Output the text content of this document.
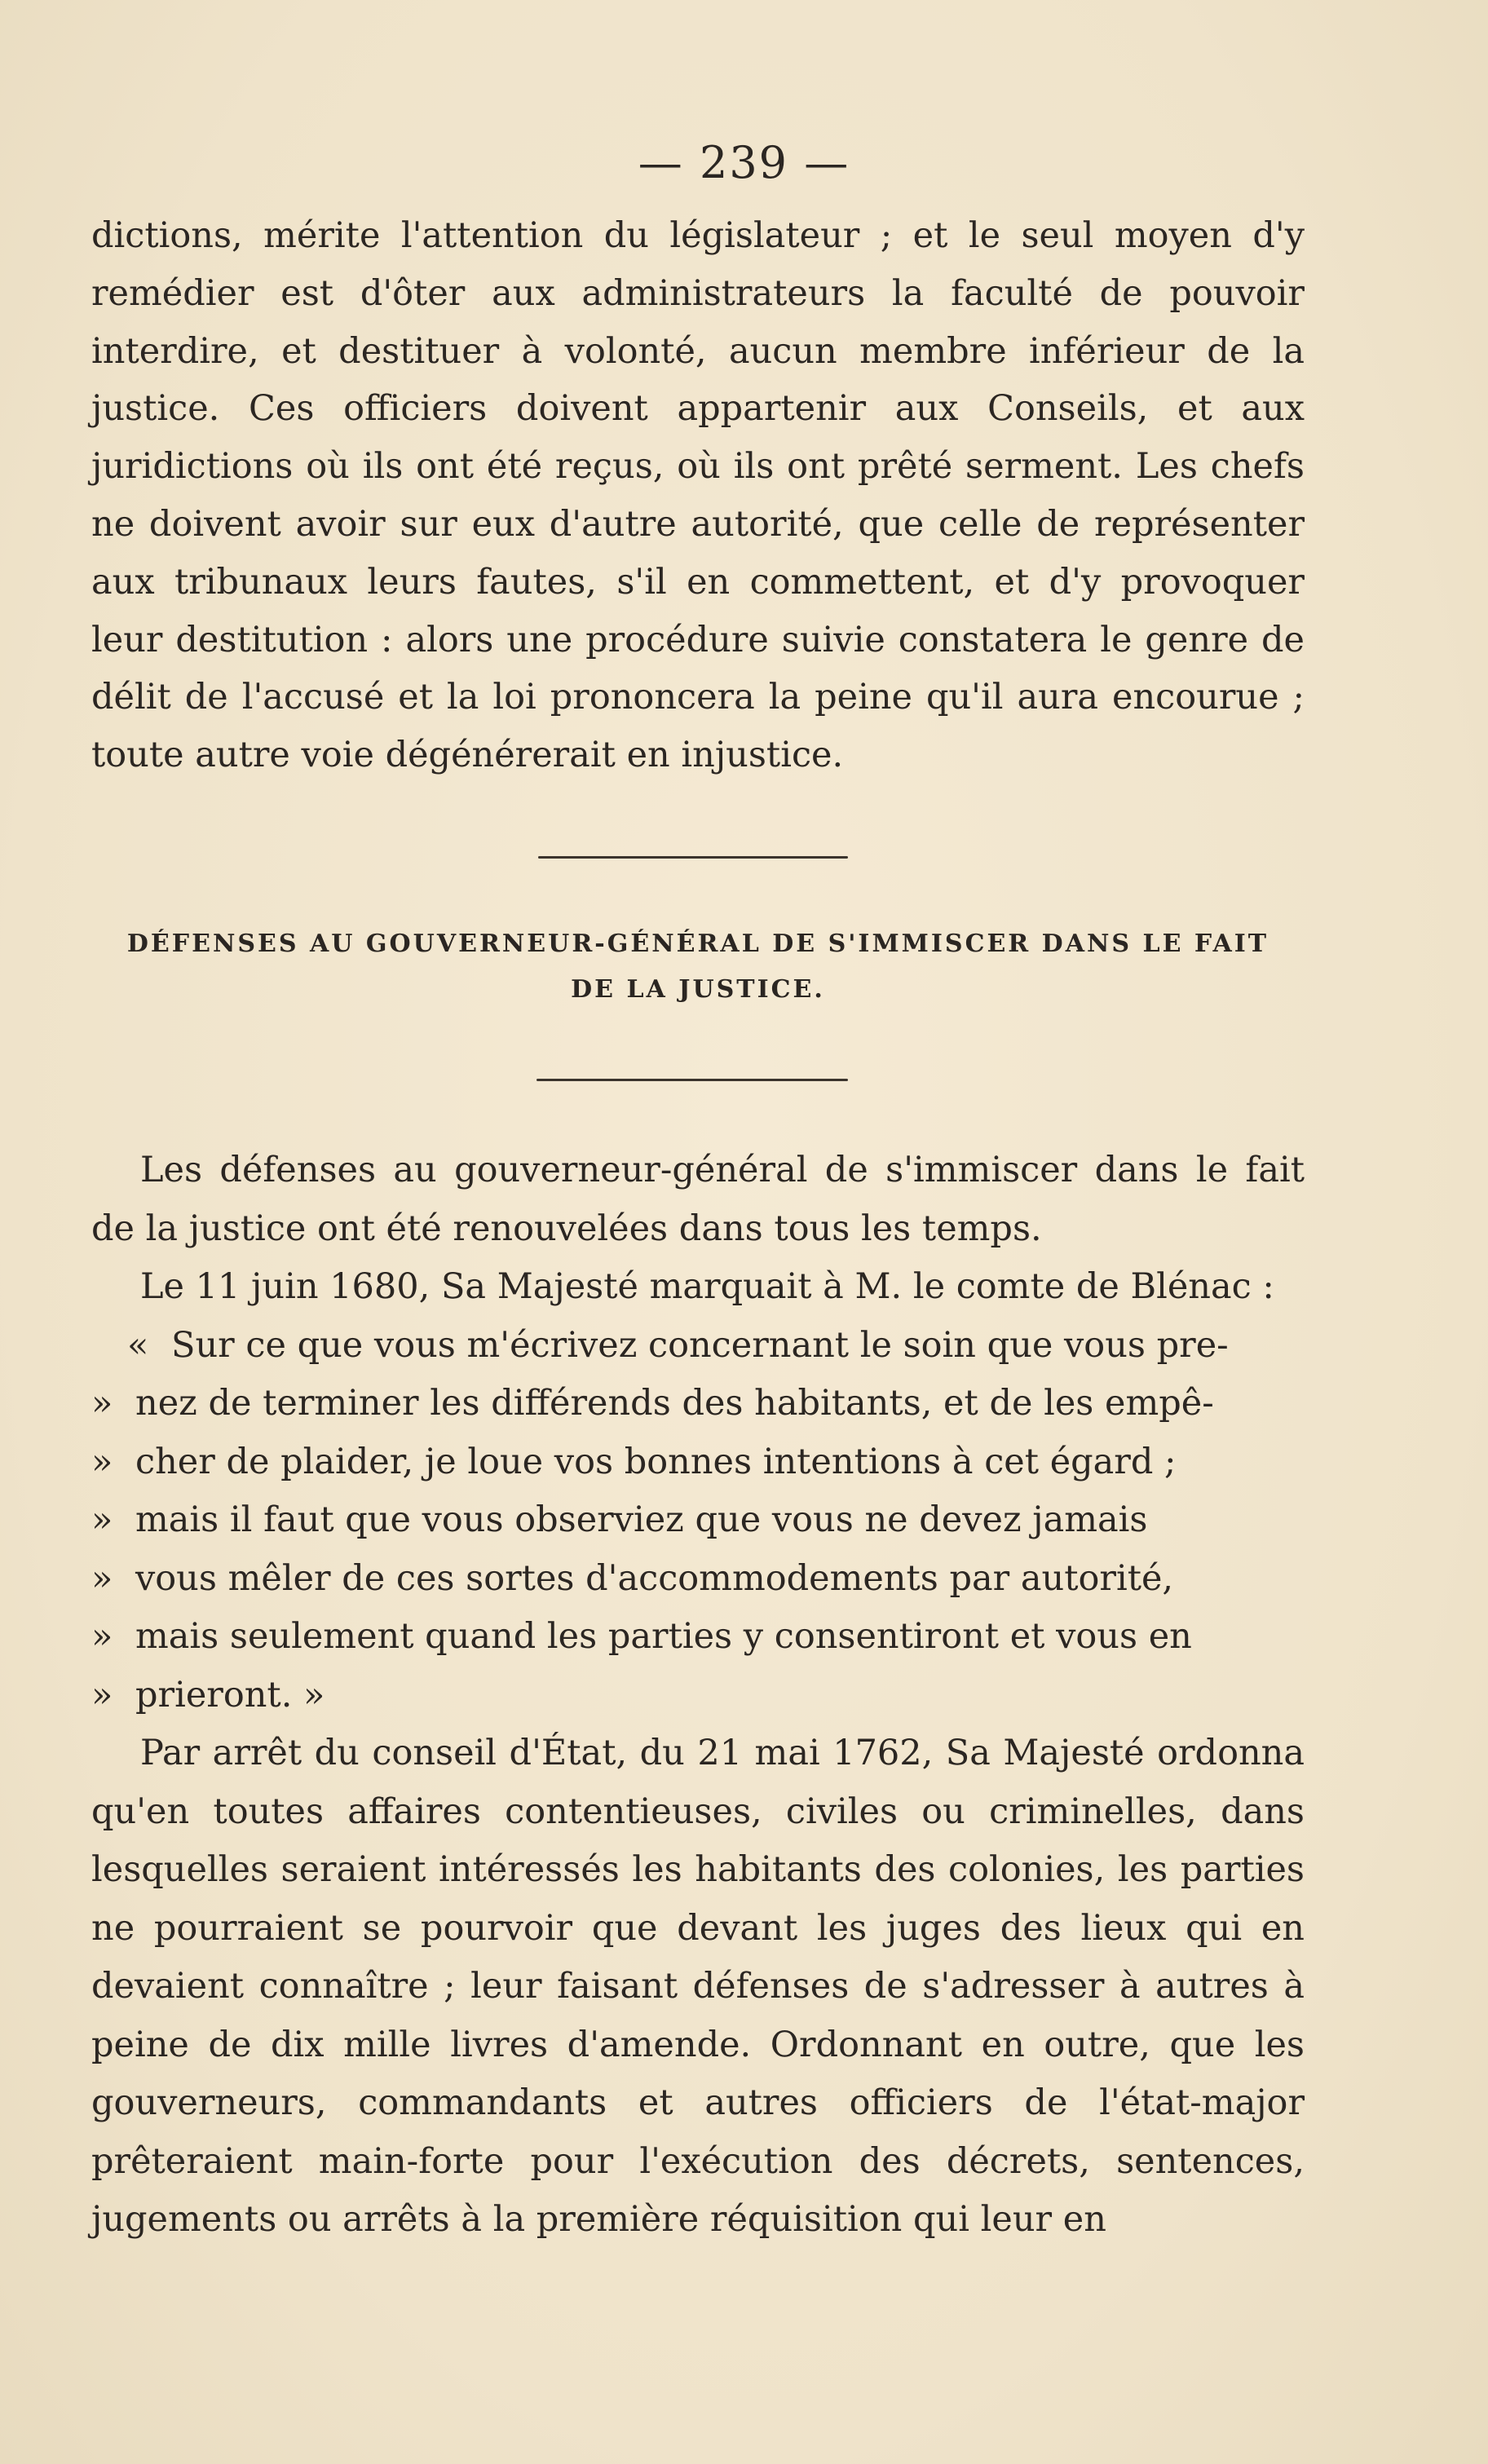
— 239 —

dictions, mérite l'attention du législateur ; et le seul moyen d'y remédier est d'ôter aux administrateurs la faculté de pouvoir interdire, et destituer à volonté, aucun membre inférieur de la justice. Ces officiers doivent appartenir aux Conseils, et aux juridictions où ils ont été reçus, où ils ont prêté serment. Les chefs ne doivent avoir sur eux d'autre autorité, que celle de représenter aux tribunaux leurs fautes, s'il en commettent, et d'y provoquer leur destitution : alors une procédure suivie constatera le genre de délit de l'accusé et la loi prononcera la peine qu'il aura encourue ; toute autre voie dégénérerait en injustice.

DÉFENSES AU GOUVERNEUR-GÉNÉRAL DE S'IMMISCER DANS LE FAIT
DE LA JUSTICE.

Les défenses au gouverneur-général de s'immiscer dans le fait de la justice ont été renouvelées dans tous les temps.

Le 11 juin 1680, Sa Majesté marquait à M. le comte de Blénac :

« Sur ce que vous m'écrivez concernant le soin que vous pre-
» nez de terminer les différends des habitants, et de les empê-
» cher de plaider, je loue vos bonnes intentions à cet égard ;
» mais il faut que vous observiez que vous ne devez jamais
» vous mêler de ces sortes d'accommodements par autorité,
» mais seulement quand les parties y consentiront et vous en
» prieront. »

Par arrêt du conseil d'État, du 21 mai 1762, Sa Majesté ordonna qu'en toutes affaires contentieuses, civiles ou criminelles, dans lesquelles seraient intéressés les habitants des colonies, les parties ne pourraient se pourvoir que devant les juges des lieux qui en devaient connaître ; leur faisant défenses de s'adresser à autres à peine de dix mille livres d'amende. Ordonnant en outre, que les gouverneurs, commandants et autres officiers de l'état-major prêteraient main-forte pour l'exécution des décrets, sentences, jugements ou arrêts à la première réquisition qui leur en
